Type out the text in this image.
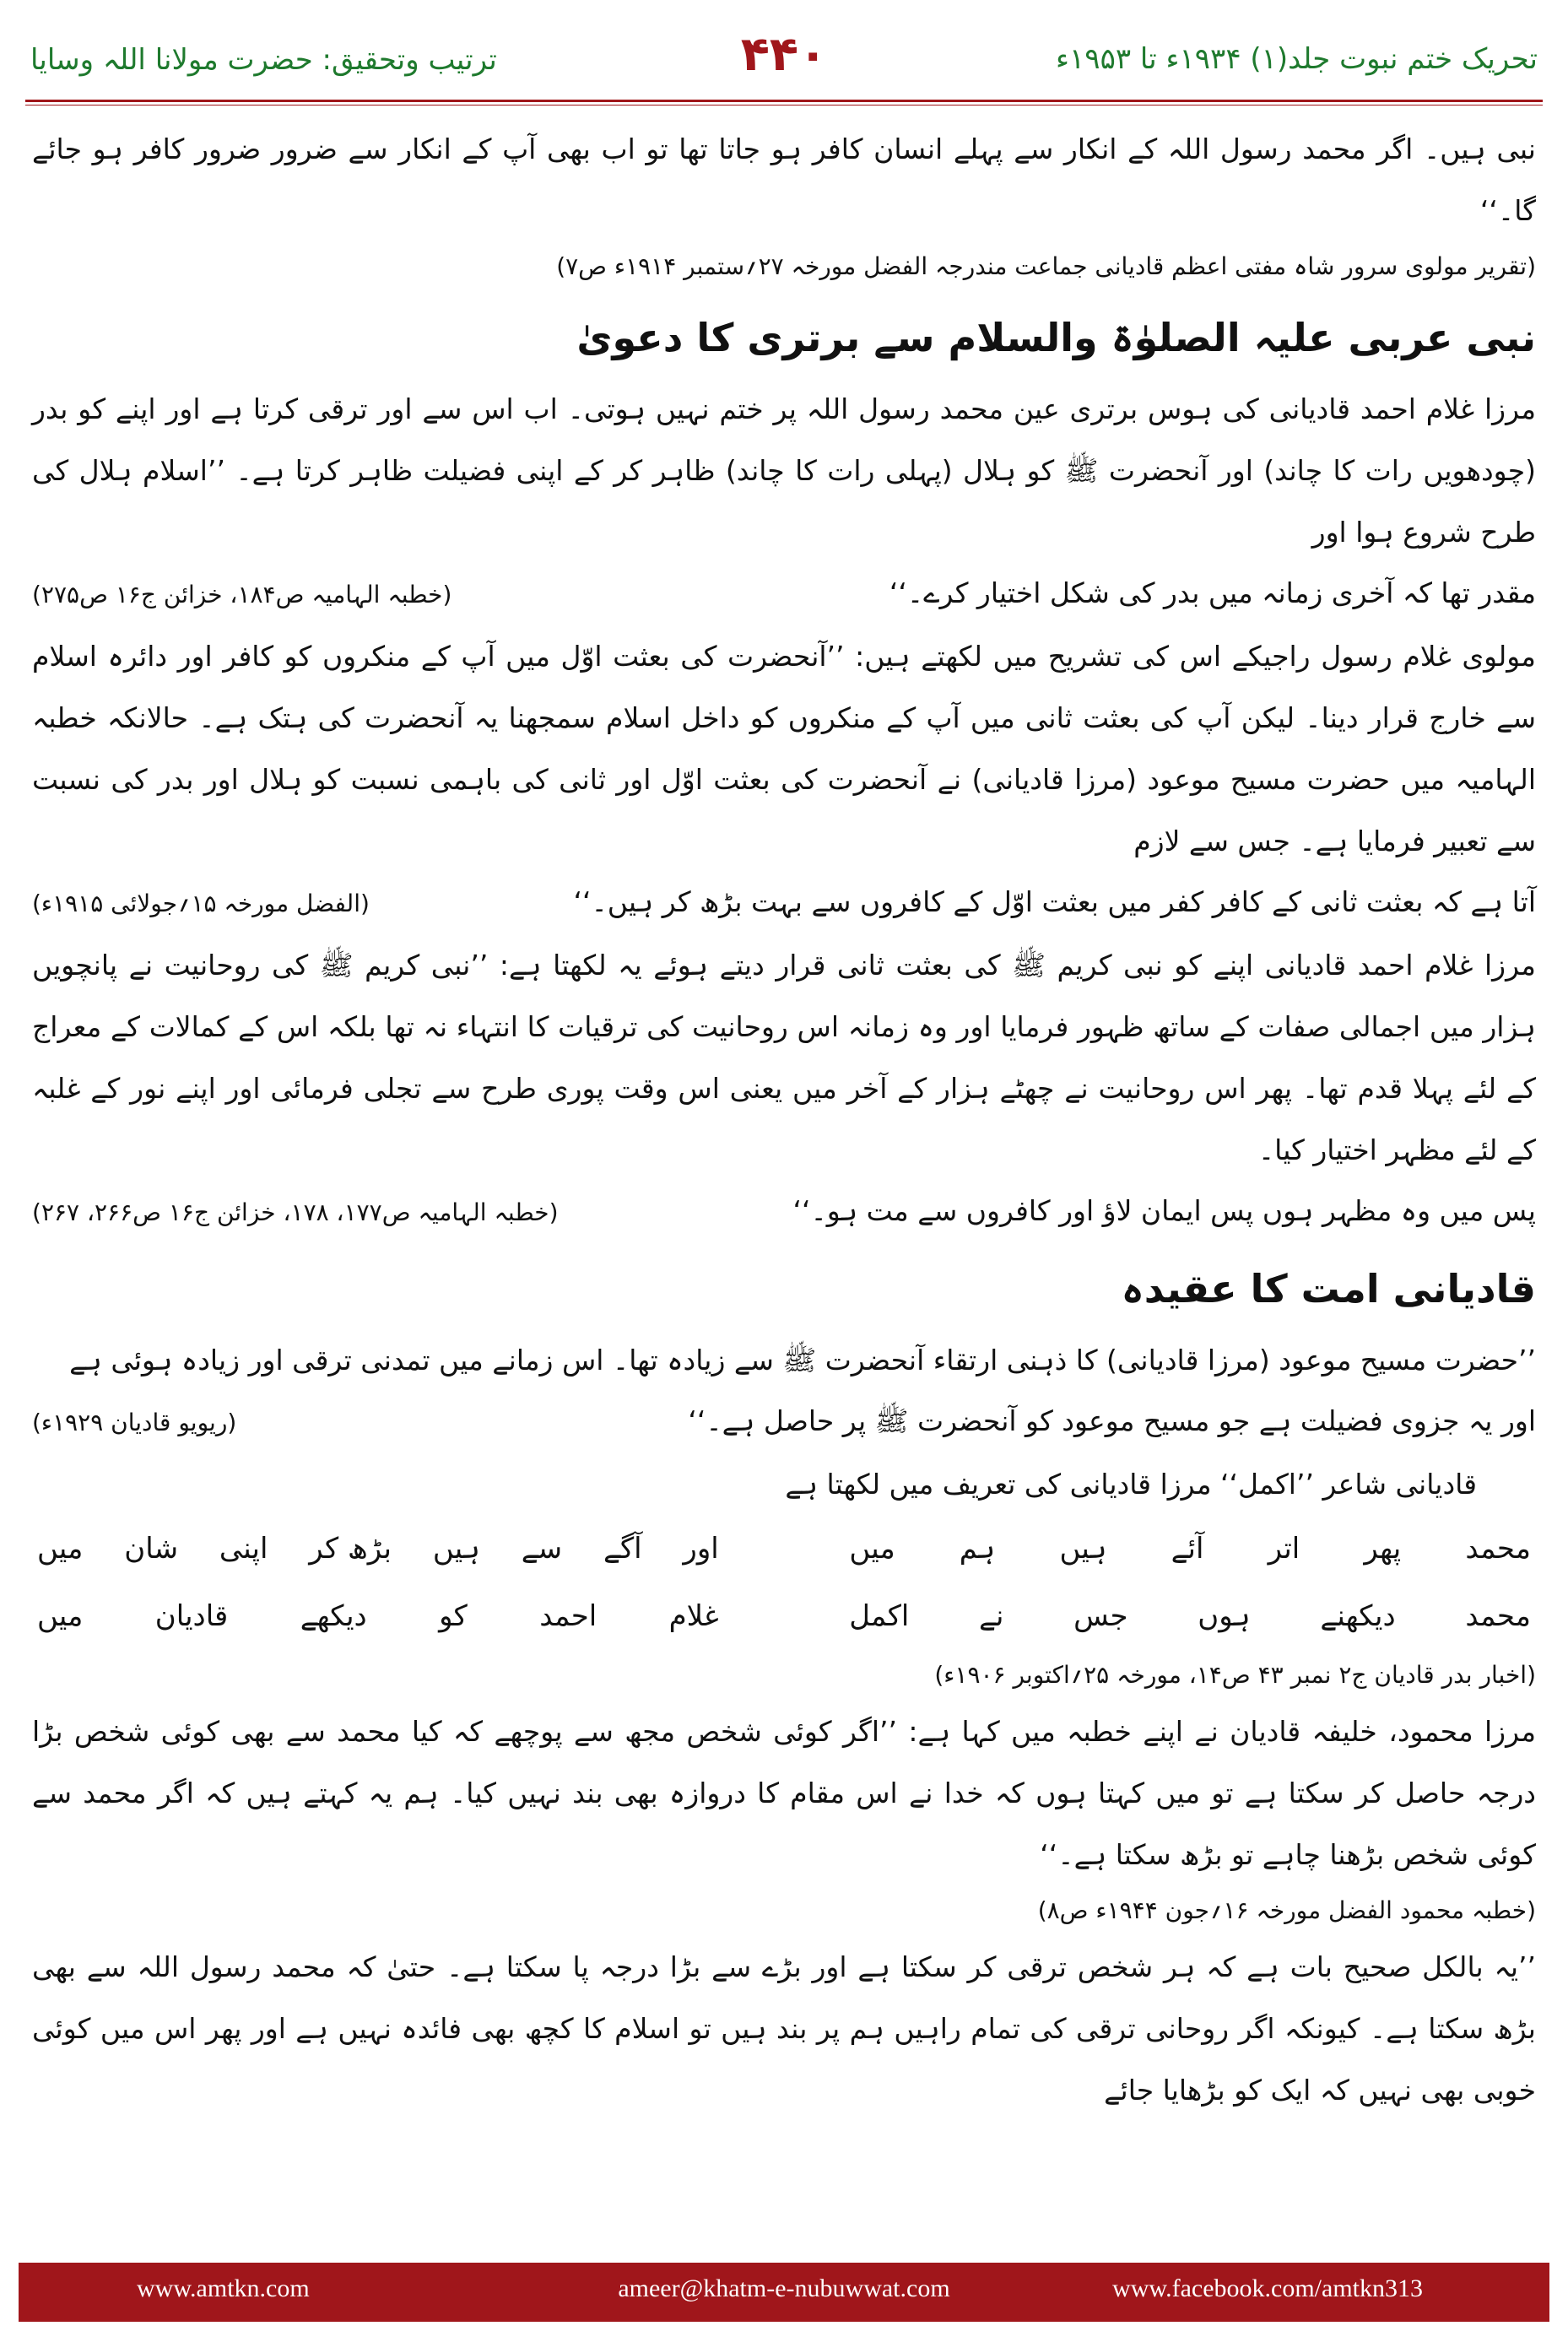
تحریک ختم نبوت جلد(۱) ۱۹۳۴ء تا ۱۹۵۳ء
۴۴۰
ترتیب وتحقیق: حضرت مولانا اللہ وسایا

نبی ہیں۔ اگر محمد رسول اللہ کے انکار سے پہلے انسان کافر ہو جاتا تھا تو اب بھی آپ کے انکار سے ضرور ضرور کافر ہو جائے گا۔‘‘

(تقریر مولوی سرور شاہ مفتی اعظم قادیانی جماعت مندرجہ الفضل مورخہ ۲۷؍ستمبر ۱۹۱۴ء ص۷)
نبی عربی علیہ الصلوٰۃ والسلام سے برتری کا دعویٰ

مرزا غلام احمد قادیانی کی ہوس برتری عین محمد رسول اللہ پر ختم نہیں ہوتی۔ اب اس سے اور ترقی کرتا ہے اور اپنے کو بدر (چودھویں رات کا چاند) اور آنحضرت ﷺ کو ہلال (پہلی رات کا چاند) ظاہر کر کے اپنی فضیلت ظاہر کرتا ہے۔ ’’اسلام ہلال کی طرح شروع ہوا اور

مقدر تھا کہ آخری زمانہ میں بدر کی شکل اختیار کرے۔‘‘
(خطبہ الہامیہ ص۱۸۴، خزائن ج۱۶ ص۲۷۵)

مولوی غلام رسول راجیکے اس کی تشریح میں لکھتے ہیں: ’’آنحضرت کی بعثت اوّل میں آپ کے منکروں کو کافر اور دائرہ اسلام سے خارج قرار دینا۔ لیکن آپ کی بعثت ثانی میں آپ کے منکروں کو داخل اسلام سمجھنا یہ آنحضرت کی ہتک ہے۔ حالانکہ خطبہ الہامیہ میں حضرت مسیح موعود (مرزا قادیانی) نے آنحضرت کی بعثت اوّل اور ثانی کی باہمی نسبت کو ہلال اور بدر کی نسبت سے تعبیر فرمایا ہے۔ جس سے لازم

آتا ہے کہ بعثت ثانی کے کافر کفر میں بعثت اوّل کے کافروں سے بہت بڑھ کر ہیں۔‘‘
(الفضل مورخہ ۱۵؍جولائی ۱۹۱۵ء)

مرزا غلام احمد قادیانی اپنے کو نبی کریم ﷺ کی بعثت ثانی قرار دیتے ہوئے یہ لکھتا ہے: ’’نبی کریم ﷺ کی روحانیت نے پانچویں ہزار میں اجمالی صفات کے ساتھ ظہور فرمایا اور وہ زمانہ اس روحانیت کی ترقیات کا انتہاء نہ تھا بلکہ اس کے کمالات کے معراج کے لئے پہلا قدم تھا۔ پھر اس روحانیت نے چھٹے ہزار کے آخر میں یعنی اس وقت پوری طرح سے تجلی فرمائی اور اپنے نور کے غلبہ کے لئے مظہر اختیار کیا۔

پس میں وہ مظہر ہوں پس ایمان لاؤ اور کافروں سے مت ہو۔‘‘
(خطبہ الہامیہ ص۱۷۷، ۱۷۸، خزائن ج۱۶ ص۲۶۶، ۲۶۷)
قادیانی امت کا عقیدہ

’’حضرت مسیح موعود (مرزا قادیانی) کا ذہنی ارتقاء آنحضرت ﷺ سے زیادہ تھا۔ اس زمانے میں تمدنی ترقی اور زیادہ ہوئی ہے

اور یہ جزوی فضیلت ہے جو مسیح موعود کو آنحضرت ﷺ پر حاصل ہے۔‘‘
(ریویو قادیان ۱۹۲۹ء)

قادیانی شاعر ’’اکمل‘‘ مرزا قادیانی کی تعریف میں لکھتا ہے

محمد
پھر
اتر
آئے
ہیں
ہم
میں
اور
آگے
سے
ہیں
بڑھ کر
اپنی
شان
میں
محمد
دیکھنے
ہوں
جس
نے
اکمل
غلام
احمد
کو
دیکھے
قادیان
میں
(اخبار بدر قادیان ج۲ نمبر ۴۳ ص۱۴، مورخہ ۲۵؍اکتوبر ۱۹۰۶ء)

مرزا محمود، خلیفہ قادیان نے اپنے خطبہ میں کہا ہے: ’’اگر کوئی شخص مجھ سے پوچھے کہ کیا محمد سے بھی کوئی شخص بڑا درجہ حاصل کر سکتا ہے تو میں کہتا ہوں کہ خدا نے اس مقام کا دروازہ بھی بند نہیں کیا۔ ہم یہ کہتے ہیں کہ اگر محمد سے کوئی شخص بڑھنا چاہے تو بڑھ سکتا ہے۔‘‘

(خطبہ محمود الفضل مورخہ ۱۶؍جون ۱۹۴۴ء ص۸)

’’یہ بالکل صحیح بات ہے کہ ہر شخص ترقی کر سکتا ہے اور بڑے سے بڑا درجہ پا سکتا ہے۔ حتیٰ کہ محمد رسول اللہ سے بھی بڑھ سکتا ہے۔ کیونکہ اگر روحانی ترقی کی تمام راہیں ہم پر بند ہیں تو اسلام کا کچھ بھی فائدہ نہیں ہے اور پھر اس میں کوئی خوبی بھی نہیں کہ ایک کو بڑھایا جائے

www.amtkn.com	ameer@khatm-e-nubuwwat.com	www.facebook.com/amtkn313
